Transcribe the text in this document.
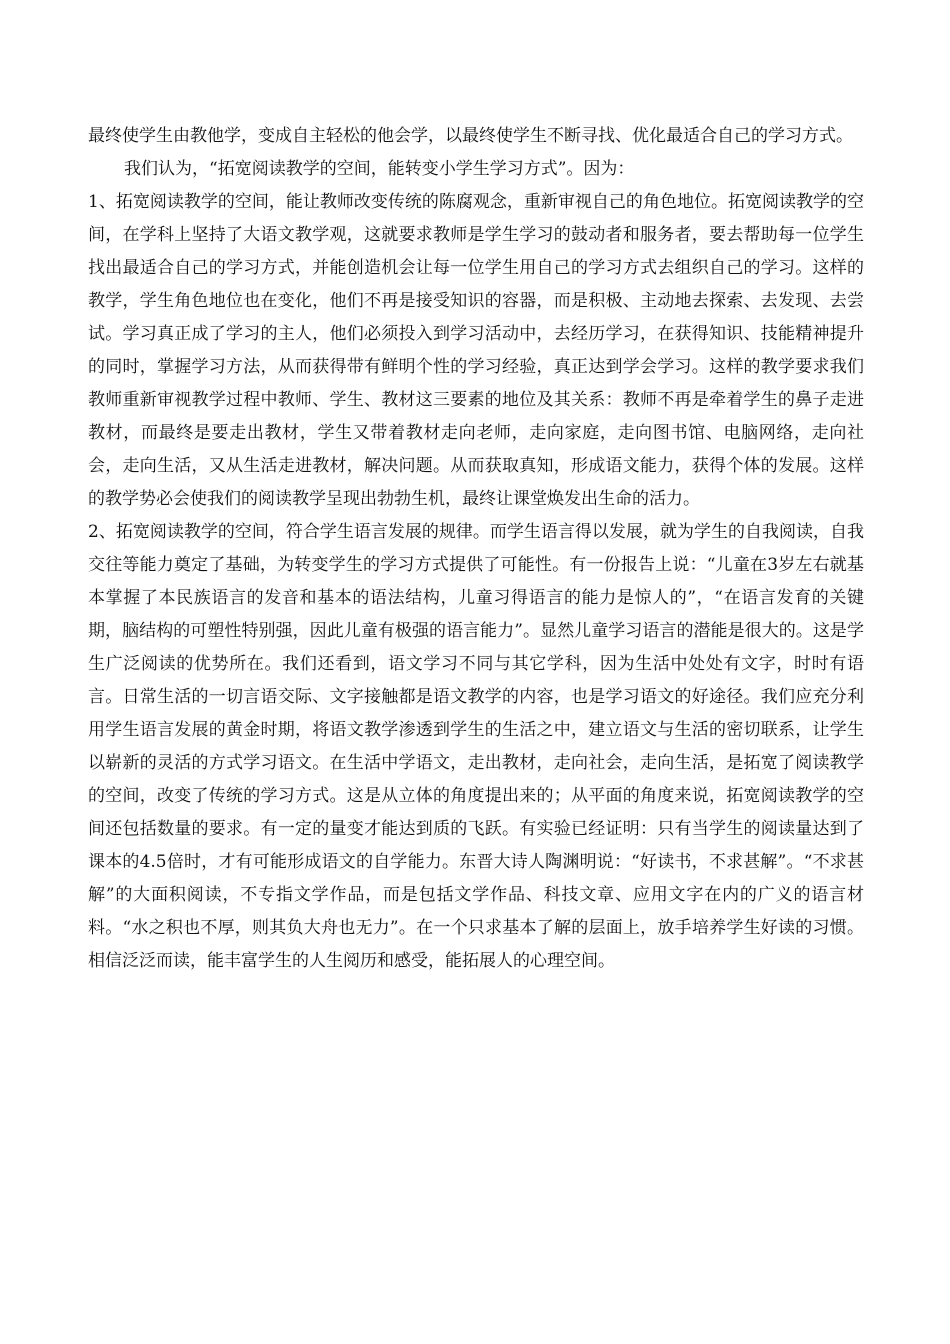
最终使学生由教他学，变成自主轻松的他会学，以最终使学生不断寻找、优化最适合自己的学习方式。

我们认为，“拓宽阅读教学的空间，能转变小学生学习方式”。因为：

1、拓宽阅读教学的空间，能让教师改变传统的陈腐观念，重新审视自己的角色地位。拓宽阅读教学的空间，在学科上坚持了大语文教学观，这就要求教师是学生学习的鼓动者和服务者，要去帮助每一位学生找出最适合自己的学习方式，并能创造机会让每一位学生用自己的学习方式去组织自己的学习。这样的教学，学生角色地位也在变化，他们不再是接受知识的容器，而是积极、主动地去探索、去发现、去尝试。学习真正成了学习的主人，他们必须投入到学习活动中，去经历学习，在获得知识、技能精神提升的同时，掌握学习方法，从而获得带有鲜明个性的学习经验，真正达到学会学习。这样的教学要求我们教师重新审视教学过程中教师、学生、教材这三要素的地位及其关系：教师不再是牵着学生的鼻子走进教材，而最终是要走出教材，学生又带着教材走向老师，走向家庭，走向图书馆、电脑网络，走向社会，走向生活，又从生活走进教材，解决问题。从而获取真知，形成语文能力，获得个体的发展。这样的教学势必会使我们的阅读教学呈现出勃勃生机，最终让课堂焕发出生命的活力。

2、拓宽阅读教学的空间，符合学生语言发展的规律。而学生语言得以发展，就为学生的自我阅读，自我交往等能力奠定了基础，为转变学生的学习方式提供了可能性。有一份报告上说：“儿童在3岁左右就基本掌握了本民族语言的发音和基本的语法结构，儿童习得语言的能力是惊人的”，“在语言发育的关键期，脑结构的可塑性特别强，因此儿童有极强的语言能力”。显然儿童学习语言的潜能是很大的。这是学生广泛阅读的优势所在。我们还看到，语文学习不同与其它学科，因为生活中处处有文字，时时有语言。日常生活的一切言语交际、文字接触都是语文教学的内容，也是学习语文的好途径。我们应充分利用学生语言发展的黄金时期，将语文教学渗透到学生的生活之中，建立语文与生活的密切联系，让学生以崭新的灵活的方式学习语文。在生活中学语文，走出教材，走向社会，走向生活，是拓宽了阅读教学的空间，改变了传统的学习方式。这是从立体的角度提出来的；从平面的角度来说，拓宽阅读教学的空间还包括数量的要求。有一定的量变才能达到质的飞跃。有实验已经证明：只有当学生的阅读量达到了课本的4.5倍时，才有可能形成语文的自学能力。东晋大诗人陶渊明说：“好读书，不求甚解”。“不求甚解”的大面积阅读，不专指文学作品，而是包括文学作品、科技文章、应用文字在内的广义的语言材料。“水之积也不厚，则其负大舟也无力”。在一个只求基本了解的层面上，放手培养学生好读的习惯。相信泛泛而读，能丰富学生的人生阅历和感受，能拓展人的心理空间。
